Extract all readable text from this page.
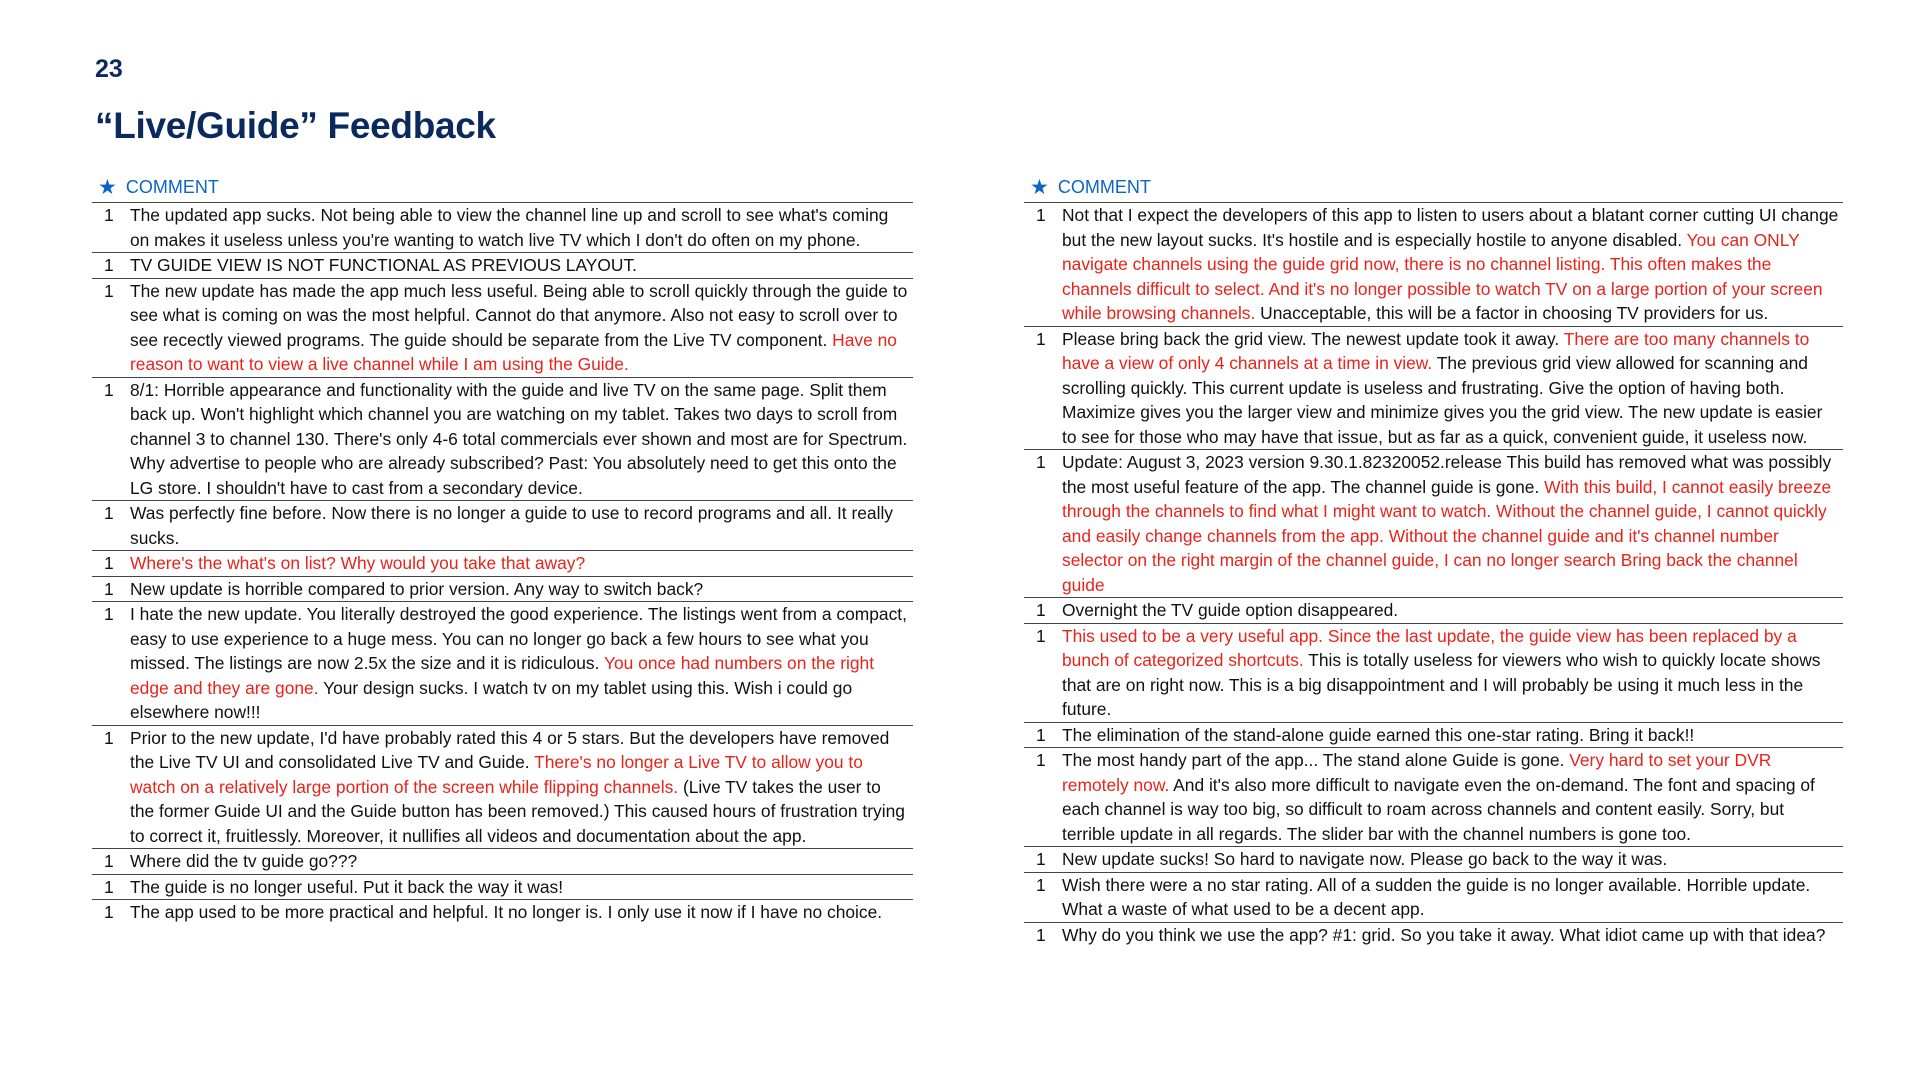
23
“Live/Guide” Feedback
★ COMMENT
1 The updated app sucks. Not being able to view the channel line up and scroll to see what's coming on makes it useless unless you're wanting to watch live TV which I don't do often on my phone.
1 TV GUIDE VIEW IS NOT FUNCTIONAL AS PREVIOUS LAYOUT.
1 The new update has made the app much less useful. Being able to scroll quickly through the guide to see what is coming on was the most helpful. Cannot do that anymore. Also not easy to scroll over to see recectly viewed programs. The guide should be separate from the Live TV component. Have no reason to want to view a live channel while I am using the Guide.
1 8/1: Horrible appearance and functionality with the guide and live TV on the same page. Split them back up. Won't highlight which channel you are watching on my tablet. Takes two days to scroll from channel 3 to channel 130. There's only 4-6 total commercials ever shown and most are for Spectrum. Why advertise to people who are already subscribed? Past: You absolutely need to get this onto the LG store. I shouldn't have to cast from a secondary device.
1 Was perfectly fine before. Now there is no longer a guide to use to record programs and all. It really sucks.
1 Where's the what's on list? Why would you take that away?
1 New update is horrible compared to prior version. Any way to switch back?
1 I hate the new update. You literally destroyed the good experience. The listings went from a compact, easy to use experience to a huge mess. You can no longer go back a few hours to see what you missed. The listings are now 2.5x the size and it is ridiculous. You once had numbers on the right edge and they are gone. Your design sucks. I watch tv on my tablet using this. Wish i could go elsewhere now!!!
1 Prior to the new update, I'd have probably rated this 4 or 5 stars. But the developers have removed the Live TV UI and consolidated Live TV and Guide. There's no longer a Live TV to allow you to watch on a relatively large portion of the screen while flipping channels. (Live TV takes the user to the former Guide UI and the Guide button has been removed.) This caused hours of frustration trying to correct it, fruitlessly. Moreover, it nullifies all videos and documentation about the app.
1 Where did the tv guide go???
1 The guide is no longer useful. Put it back the way it was!
1 The app used to be more practical and helpful. It no longer is. I only use it now if I have no choice.
★ COMMENT
1 Not that I expect the developers of this app to listen to users about a blatant corner cutting UI change but the new layout sucks. It's hostile and is especially hostile to anyone disabled. You can ONLY navigate channels using the guide grid now, there is no channel listing. This often makes the channels difficult to select. And it's no longer possible to watch TV on a large portion of your screen while browsing channels. Unacceptable, this will be a factor in choosing TV providers for us.
1 Please bring back the grid view. The newest update took it away. There are too many channels to have a view of only 4 channels at a time in view. The previous grid view allowed for scanning and scrolling quickly. This current update is useless and frustrating. Give the option of having both. Maximize gives you the larger view and minimize gives you the grid view. The new update is easier to see for those who may have that issue, but as far as a quick, convenient guide, it useless now.
1 Update: August 3, 2023 version 9.30.1.82320052.release This build has removed what was possibly the most useful feature of the app. The channel guide is gone. With this build, I cannot easily breeze through the channels to find what I might want to watch. Without the channel guide, I cannot quickly and easily change channels from the app. Without the channel guide and it's channel number selector on the right margin of the channel guide, I can no longer search Bring back the channel guide
1 Overnight the TV guide option disappeared.
1 This used to be a very useful app. Since the last update, the guide view has been replaced by a bunch of categorized shortcuts. This is totally useless for viewers who wish to quickly locate shows that are on right now. This is a big disappointment and I will probably be using it much less in the future.
1 The elimination of the stand-alone guide earned this one-star rating. Bring it back!!
1 The most handy part of the app... The stand alone Guide is gone. Very hard to set your DVR remotely now. And it's also more difficult to navigate even the on-demand. The font and spacing of each channel is way too big, so difficult to roam across channels and content easily. Sorry, but terrible update in all regards. The slider bar with the channel numbers is gone too.
1 New update sucks! So hard to navigate now. Please go back to the way it was.
1 Wish there were a no star rating. All of a sudden the guide is no longer available. Horrible update. What a waste of what used to be a decent app.
1 Why do you think we use the app? #1: grid. So you take it away. What idiot came up with that idea?
